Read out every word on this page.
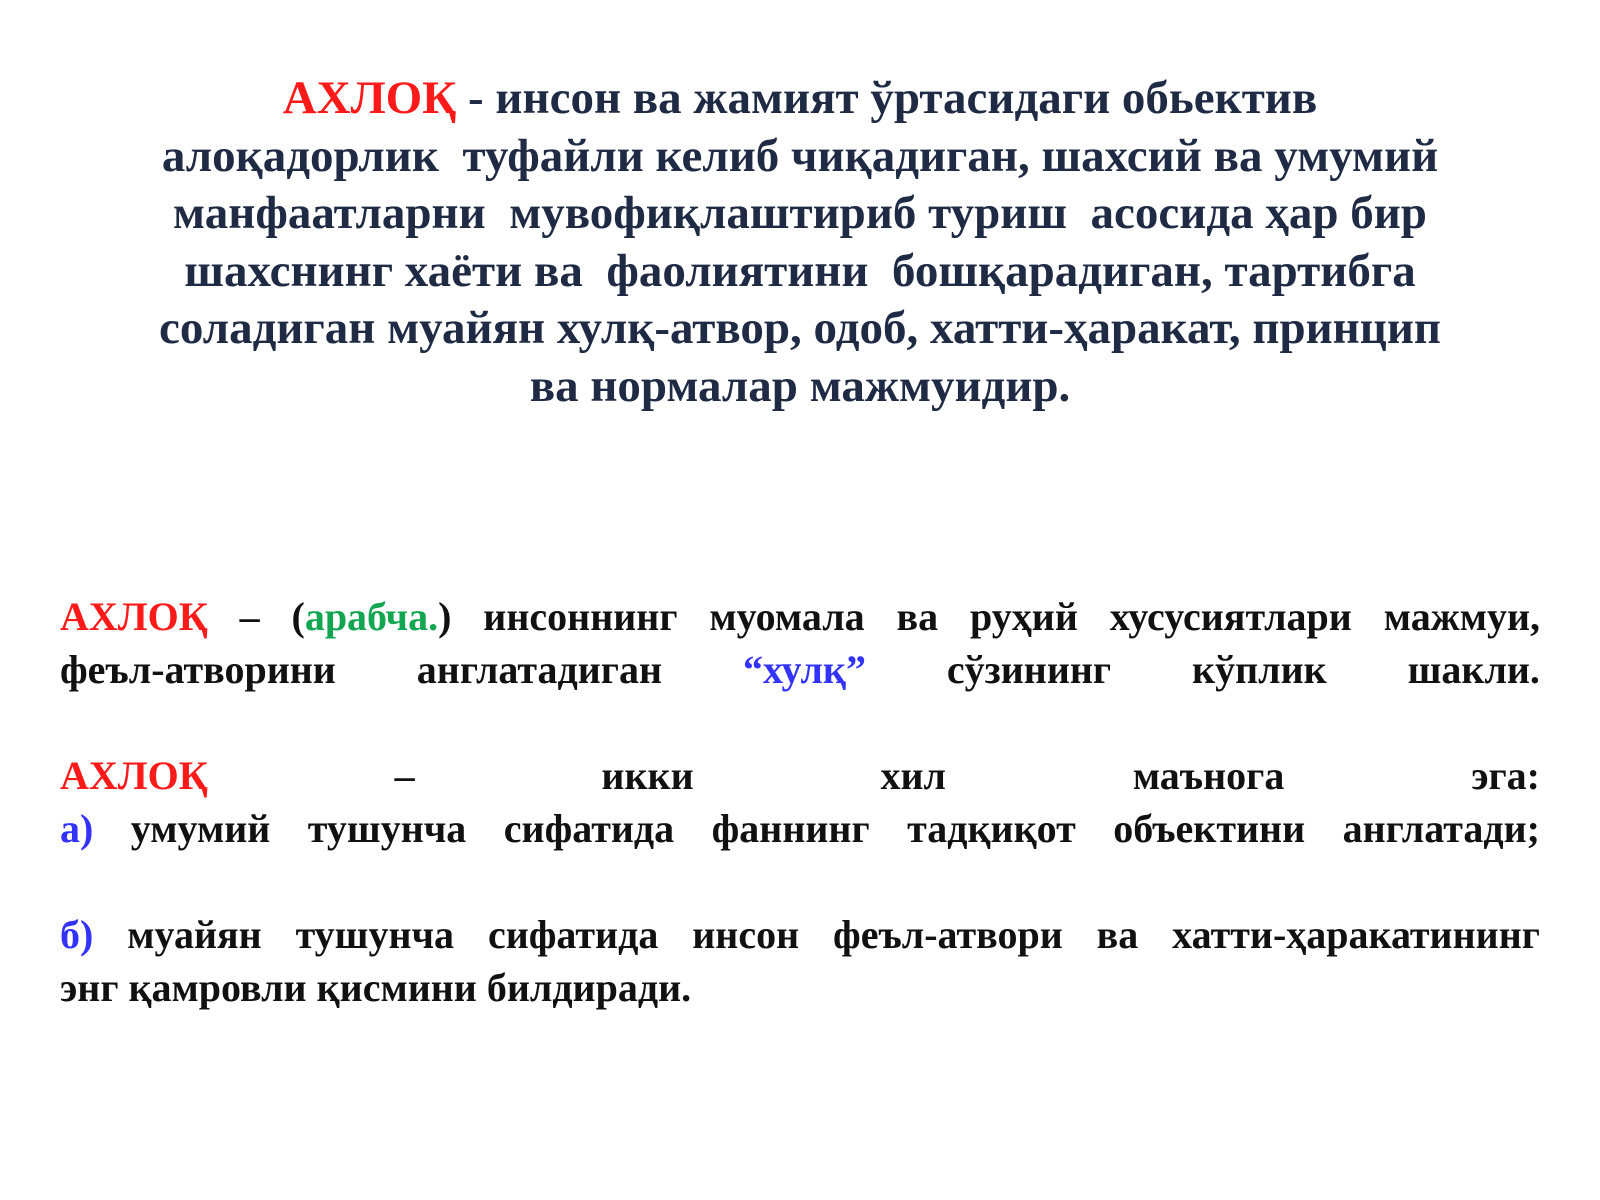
АХЛОҚ - инсон ва жамият ўртасидаги обьектив
алоқадорлик  туфайли келиб чиқадиган, шахсий ва умумий
манфаатларни  мувофиқлаштириб туриш  асосида ҳар бир
шахснинг хаёти ва  фаолиятини  бошқарадиган, тартибга
соладиган муайян хулқ-атвор, одоб, хатти-ҳаракат, принцип
ва нормалар мажмуидир.
АХЛОҚ – (арабча.) инсоннинг муомала ва руҳий хусусиятлари мажмуи,
феъл-атворини англатадиган “хулқ” сўзининг кўплик шакли.
АХЛОҚ	–	икки	хил	маънога	эга:
а) умумий тушунча сифатида фаннинг тадқиқот объектини англатади;
б) муайян тушунча сифатида инсон феъл-атвори ва хатти-ҳаракатининг
энг қамровли қисмини билдиради.
